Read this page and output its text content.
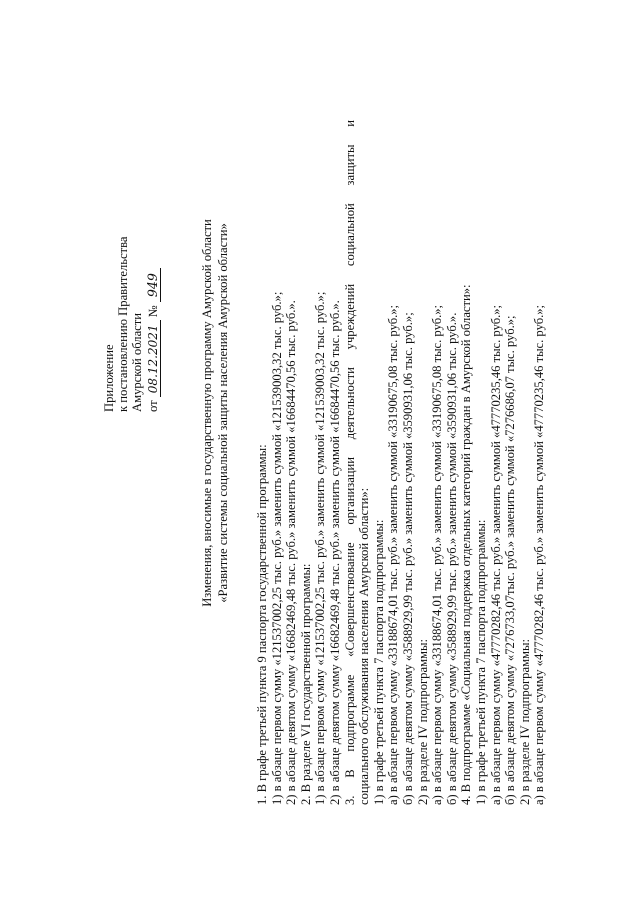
Приложение к постановлению Правительства Амурской области от 08.12.2021 № 949	Изменения, вносимые в государственную программу Амурской области «Развитие системы социальной защиты населения Амурской области»
1. В графе третьей пункта 9 паспорта государственной программы: 1) в абзаце первом сумму «121537002,25 тыс. руб.» заменить суммой «121539003,32 тыс. руб.»; 2) в абзаце девятом сумму «16682469,48 тыс. руб.» заменить суммой «16684470,56 тыс. руб.». 2. В разделе VI государственной программы: 1) в абзаце первом сумму «121537002,25 тыс. руб.» заменить суммой «121539003,32 тыс. руб.»; 2) в абзаце девятом сумму «16682469,48 тыс. руб.» заменить суммой «16684470,56 тыс. руб.». 3.
В
подпрограмме
«Совершенствование
организации
деятельности
учреждений
социальной
защиты
и
социального обслуживания населения Амурской области»: 1) в графе третьей пункта 7 паспорта подпрограммы: а) в абзаце первом сумму «33188674,01 тыс. руб.» заменить суммой «33190675,08 тыс. руб.»; б) в абзаце девятом сумму «3588929,99 тыс. руб.» заменить суммой «3590931,06 тыс. руб.»; 2) в разделе IV подпрограммы: а) в абзаце первом сумму «33188674,01 тыс. руб.» заменить суммой «33190675,08 тыс. руб.»; б) в абзаце девятом сумму «3588929,99 тыс. руб.» заменить суммой «3590931,06 тыс. руб.». 4. В подпрограмме «Социальная поддержка отдельных категорий граждан в Амурской области»: 1) в графе третьей пункта 7 паспорта подпрограммы: а) в абзаце первом сумму «47770282,46 тыс. руб.» заменить суммой «47770235,46 тыс. руб.»; б) в абзаце девятом сумму «7276733,07тыс. руб.» заменить суммой «7276686,07 тыс. руб.»; 2) в разделе IV подпрограммы: а) в абзаце первом сумму «47770282,46 тыс. руб.» заменить суммой «47770235,46 тыс. руб.»;
